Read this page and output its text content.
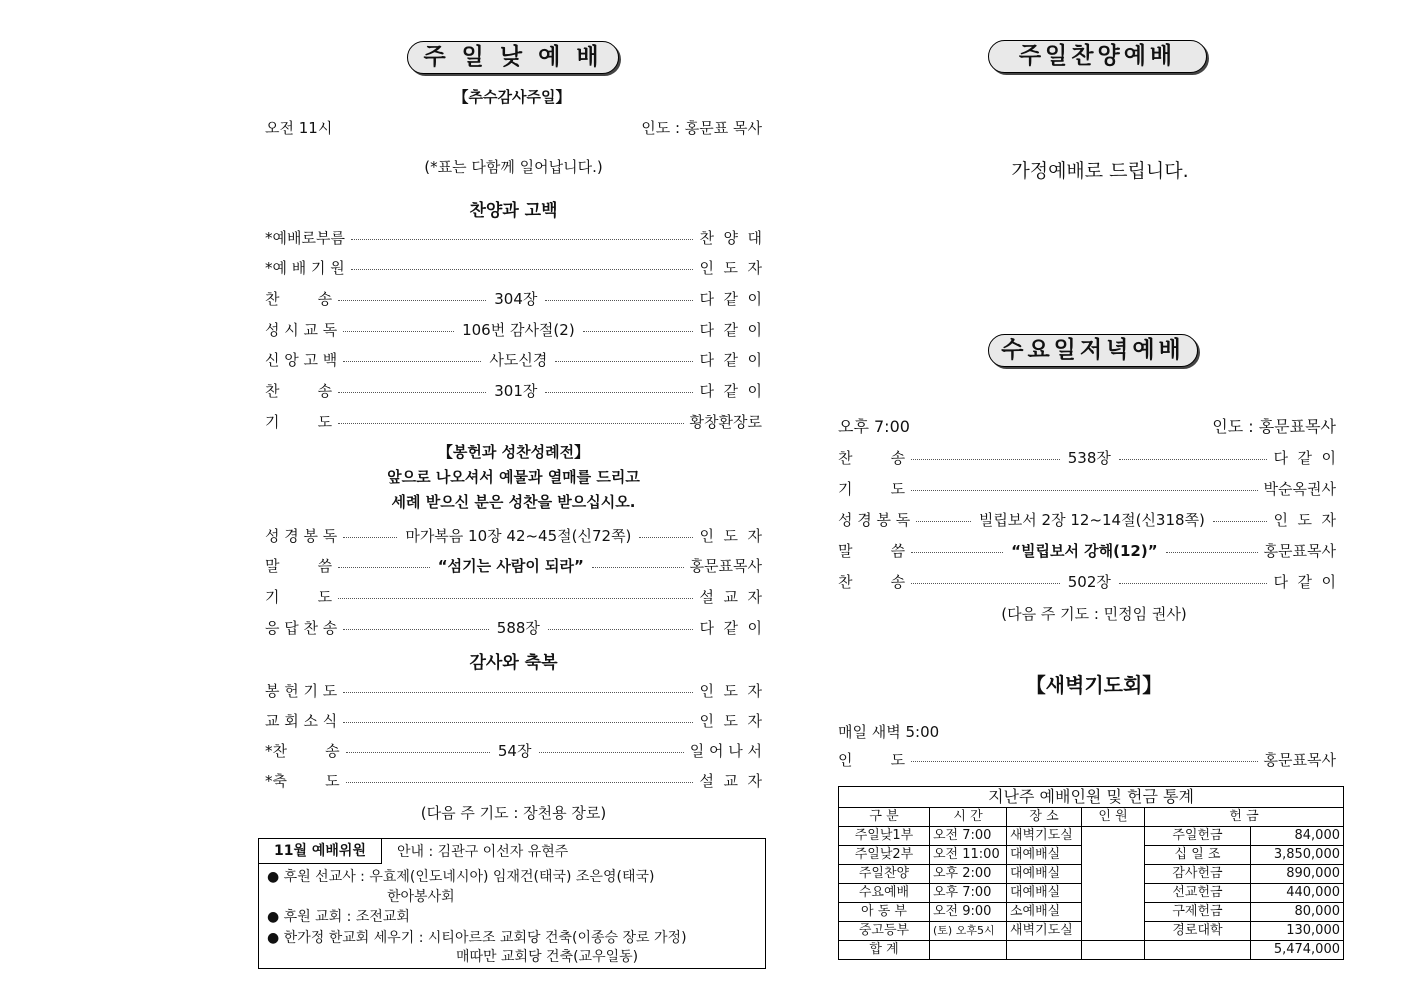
주 일 낮 예 배
【추수감사주일】
오전 11시	인도 : 홍문표 목사
(*표는 다함께 일어납니다.)
찬양과 고백
*예배로부름	찬  양  대
*예 배 기 원	인  도  자
찬        송	304장	다  같  이
성 시 교 독	106번 감사절(2)	다  같  이
신 앙 고 백	사도신경	다  같  이
찬        송	301장	다  같  이
기        도	황창환장로
【봉헌과 성찬성례전】
앞으로 나오셔서 예물과 열매를 드리고
세례 받으신 분은 성찬을 받으십시오.
성 경 봉 독	마가복음 10장 42~45절(신72쪽)	인  도  자
말        씀	“섬기는 사람이 되라”	홍문표목사
기        도	설  교  자
응 답 찬 송	588장	다  같  이
감사와 축복
봉 헌 기 도	인  도  자
교 회 소 식	인  도  자
*찬        송	54장	일 어 나 서
*축        도	설  교  자
(다음 주 기도 : 장천용 장로)
11월 예배위원	안내 : 김관구 이선자 유현주
● 후원 선교사 : 우효제(인도네시아) 임재건(태국) 조은영(태국)
한아봉사회
● 후원 교회 : 조전교회
● 한가정 한교회 세우기 : 시티아르조 교회당 건축(이종승 장로 가정)
매따만 교회당 건축(교우일동)
주일찬양예배
가정예배로 드립니다.
수요일저녁예배
오후 7:00	인도 : 홍문표목사
찬        송	538장	다  같  이
기        도	박순옥권사
성 경 봉 독	빌립보서 2장 12~14절(신318쪽)	인  도  자
말        씀	“빌립보서 강해(12)”	홍문표목사
찬        송	502장	다  같  이
(다음 주 기도 : 민정임 권사)
【새벽기도회】
매일 새벽 5:00
인        도	홍문표목사
지난주 예배인원 및 헌금 통계					
구 분	시 간	장 소	인 원	헌 금	
주일낮1부	오전 7:00	새벽기도실		주일헌금	84,000
주일낮2부	오전 11:00	대예배실		십 일 조	3,850,000
주일찬양	오후 2:00	대예배실		감사헌금	890,000
수요예배	오후 7:00	대예배실		선교헌금	440,000
아 동 부	오전 9:00	소예배실		구제헌금	80,000
중고등부	(토) 오후5시	새벽기도실		경로대학	130,000
합 계					5,474,000
